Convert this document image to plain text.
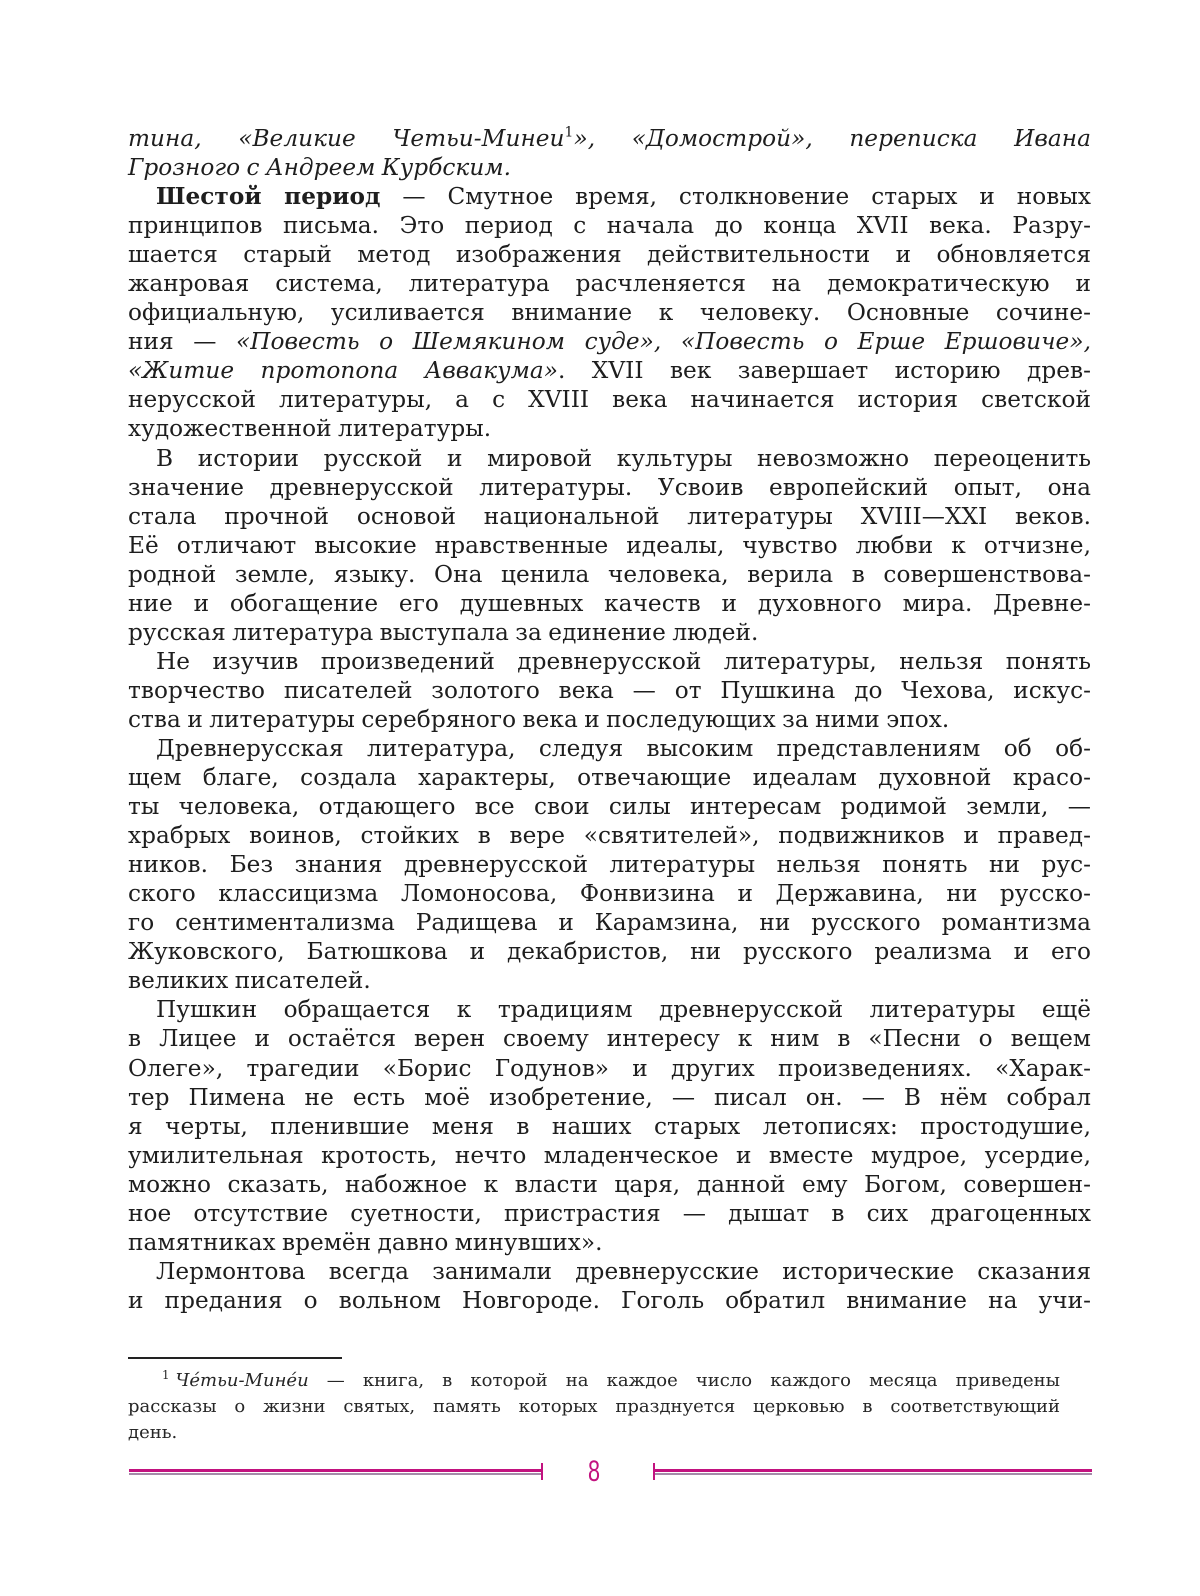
тина, «Великие Четьи-Минеи$^1$», «Домострой», переписка Ивана
Грозного с Андреем Курбским.
Шестой период — Смутное время, столкновение старых и новых
принципов письма. Это период с начала до конца XVII века. Разру-
шается старый метод изображения действительности и обновляется
жанровая система, литература расчленяется на демократическую и
официальную, усиливается внимание к человеку. Основные сочине-
ния — «Повесть о Шемякином суде», «Повесть о Ерше Ершовиче»,
«Житие протопопа Аввакума». XVII век завершает историю древ-
нерусской литературы, а с XVIII века начинается история светской
художественной литературы.
В истории русской и мировой культуры невозможно переоценить
значение древнерусской литературы. Усвоив европейский опыт, она
стала прочной основой национальной литературы XVIII—XXI веков.
Её отличают высокие нравственные идеалы, чувство любви к отчизне,
родной земле, языку. Она ценила человека, верила в совершенствова-
ние и обогащение его душевных качеств и духовного мира. Древне-
русская литература выступала за единение людей.
Не изучив произведений древнерусской литературы, нельзя понять
творчество писателей золотого века — от Пушкина до Чехова, искус-
ства и литературы серебряного века и последующих за ними эпох.
Древнерусская литература, следуя высоким представлениям об об-
щем благе, создала характеры, отвечающие идеалам духовной красо-
ты человека, отдающего все свои силы интересам родимой земли, —
храбрых воинов, стойких в вере «святителей», подвижников и правед-
ников. Без знания древнерусской литературы нельзя понять ни рус-
ского классицизма Ломоносова, Фонвизина и Державина, ни русско-
го сентиментализма Радищева и Карамзина, ни русского романтизма
Жуковского, Батюшкова и декабристов, ни русского реализма и его
великих писателей.
Пушкин обращается к традициям древнерусской литературы ещё
в Лицее и остаётся верен своему интересу к ним в «Песни о вещем
Олеге», трагедии «Борис Годунов» и других произведениях. «Харак-
тер Пимена не есть моё изобретение, — писал он. — В нём собрал
я черты, пленившие меня в наших старых летописях: простодушие,
умилительная кротость, нечто младенческое и вместе мудрое, усердие,
можно сказать, набожное к власти царя, данной ему Богом, совершен-
ное отсутствие суетности, пристрастия — дышат в сих драгоценных
памятниках времён давно минувших».
Лермонтова всегда занимали древнерусские исторические сказания
и предания о вольном Новгороде. Гоголь обратил внимание на учи-
$^1$ Че́тьи-Мине́и — книга, в которой на каждое число каждого месяца приведены
рассказы о жизни святых, память которых празднуется церковью в соответствующий
день.
8
